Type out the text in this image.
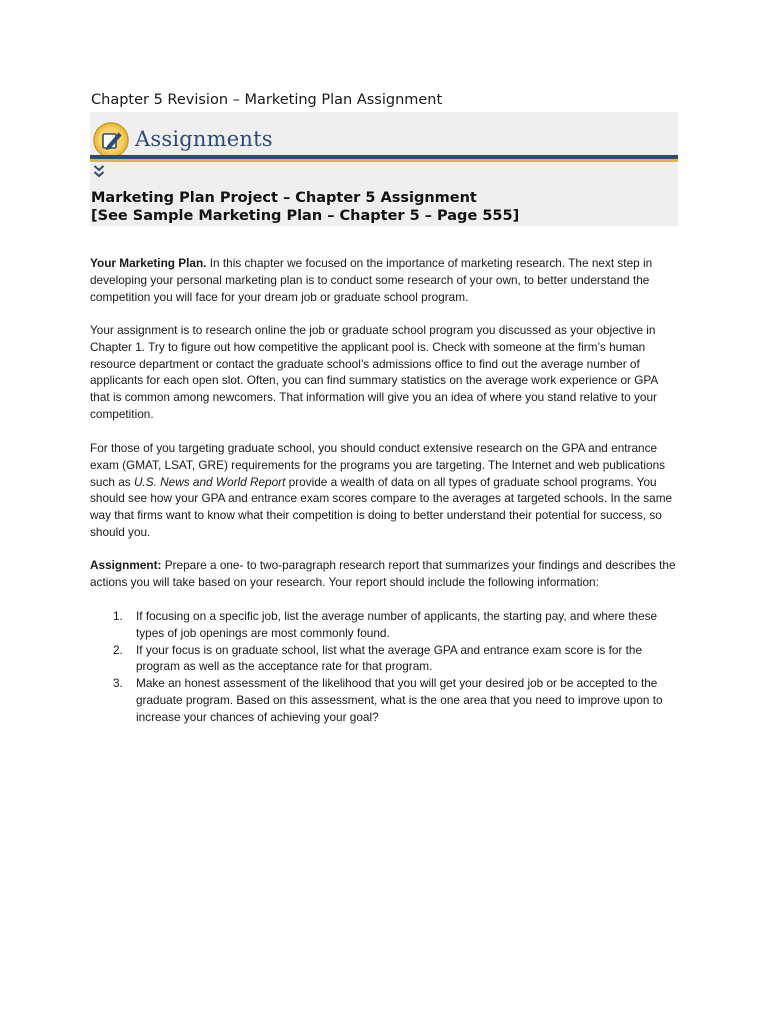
Chapter 5 Revision – Marketing Plan Assignment
Assignments
Marketing Plan Project – Chapter 5 Assignment
[See Sample Marketing Plan – Chapter 5 – Page 555]

Your Marketing Plan. In this chapter we focused on the importance of marketing research. The next step in developing your personal marketing plan is to conduct some research of your own, to better understand the competition you will face for your dream job or graduate school program.

Your assignment is to research online the job or graduate school program you discussed as your objective in Chapter 1. Try to figure out how competitive the applicant pool is. Check with someone at the firm’s human resource department or contact the graduate school’s admissions office to find out the average number of applicants for each open slot. Often, you can find summary statistics on the average work experience or GPA that is common among newcomers. That information will give you an idea of where you stand relative to your competition.

For those of you targeting graduate school, you should conduct extensive research on the GPA and entrance exam (GMAT, LSAT, GRE) requirements for the programs you are targeting. The Internet and web publications such as U.S. News and World Report provide a wealth of data on all types of graduate school programs. You should see how your GPA and entrance exam scores compare to the averages at targeted schools. In the same way that firms want to know what their competition is doing to better understand their potential for success, so should you.

Assignment: Prepare a one- to two-paragraph research report that summarizes your findings and describes the actions you will take based on your research. Your report should include the following information:

1. If focusing on a specific job, list the average number of applicants, the starting pay, and where these types of job openings are most commonly found.
2. If your focus is on graduate school, list what the average GPA and entrance exam score is for the program as well as the acceptance rate for that program.
3. Make an honest assessment of the likelihood that you will get your desired job or be accepted to the graduate program. Based on this assessment, what is the one area that you need to improve upon to increase your chances of achieving your goal?
